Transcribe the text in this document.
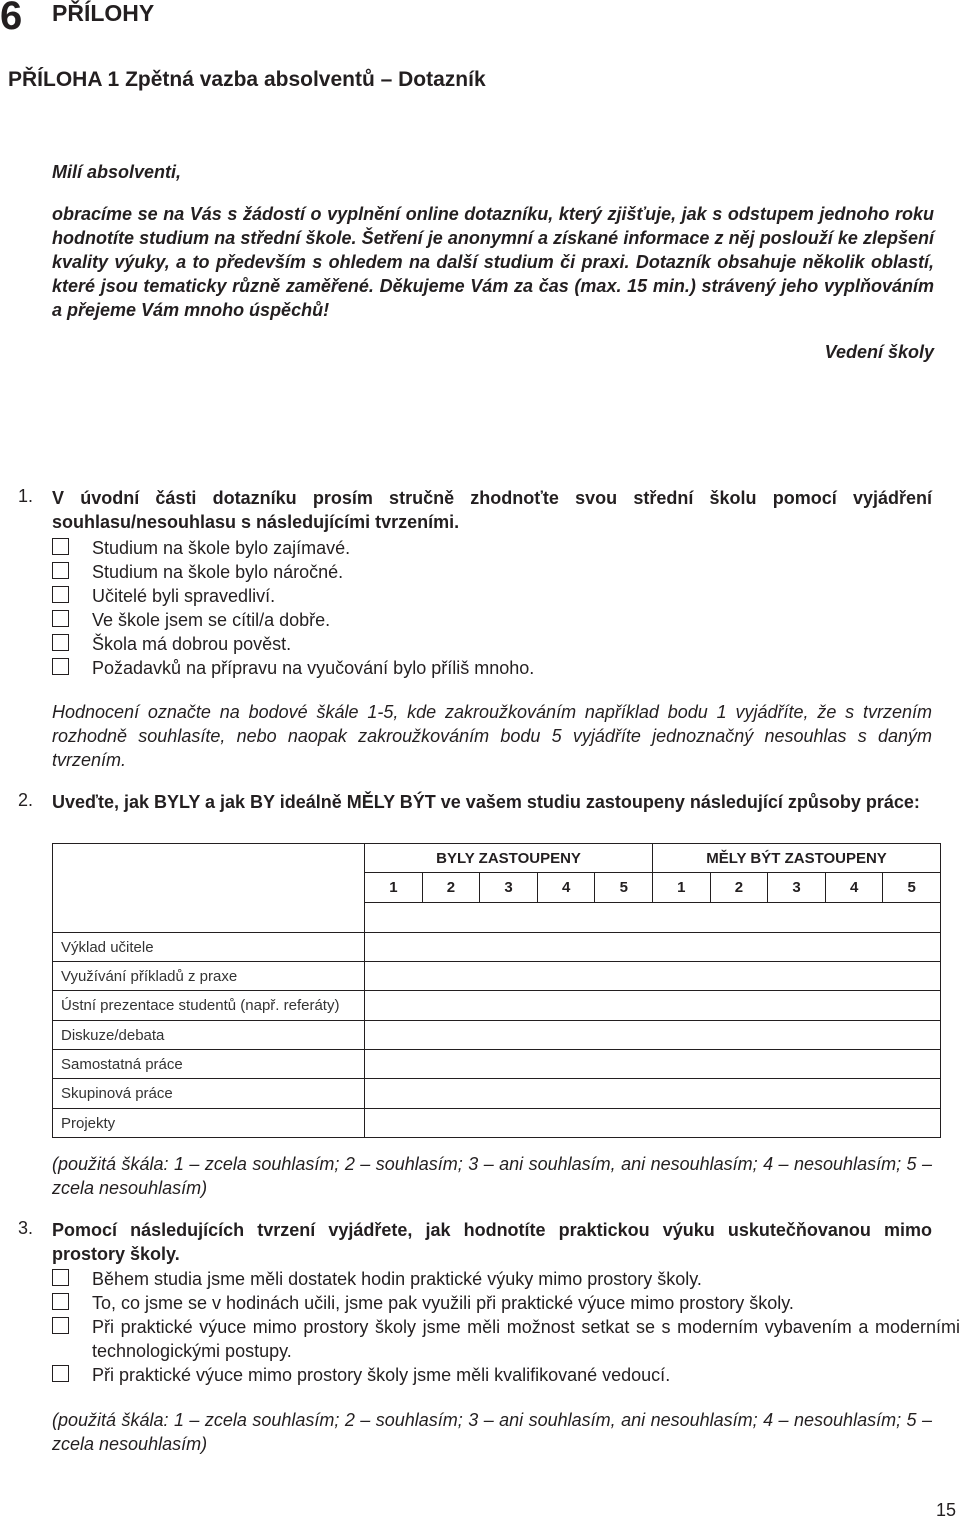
6 PŘÍLOHY
PŘÍLOHA 1 Zpětná vazba absolventů – Dotazník
Milí absolventi,
obracíme se na Vás s žádostí o vyplnění online dotazníku, který zjišťuje, jak s odstupem jednoho roku hodnotíte studium na střední škole. Šetření je anonymní a získané informace z něj poslouží ke zlepšení kvality výuky, a to především s ohledem na další studium či praxi. Dotazník obsahuje několik oblastí, které jsou tematicky různě zaměřené. Děkujeme Vám za čas (max. 15 min.) strávený jeho vyplňováním a přejeme Vám mnoho úspěchů!
Vedení školy
1. V úvodní části dotazníku prosím stručně zhodnoťte svou střední školu pomocí vyjádření souhlasu/nesouhlasu s následujícími tvrzeními.
Studium na škole bylo zajímavé.
Studium na škole bylo náročné.
Učitelé byli spravedliví.
Ve škole jsem se cítil/a dobře.
Škola má dobrou pověst.
Požadavků na přípravu na vyučování bylo příliš mnoho.
Hodnocení označte na bodové škále 1-5, kde zakroužkováním například bodu 1 vyjádříte, že s tvrzením rozhodně souhlasíte, nebo naopak zakroužkováním bodu 5 vyjádříte jednoznačný nesouhlas s daným tvrzením.
2. Uveďte, jak BYLY a jak BY ideálně MĚLY BÝT ve vašem studiu zastoupeny následující způsoby práce:
	BYLY ZASTOUPENY					MĚLY BÝT ZASTOUPENY				
	1	2	3	4	5	1	2	3	4	5

Výklad učitele										
Využívání příkladů z praxe										
Ústní prezentace studentů (např. referáty)										
Diskuze/debata										
Samostatná práce										
Skupinová práce										
Projekty										
(použitá škála: 1 – zcela souhlasím; 2 – souhlasím; 3 – ani souhlasím, ani nesouhlasím; 4 – nesouhlasím; 5 – zcela nesouhlasím)
3. Pomocí následujících tvrzení vyjádřete, jak hodnotíte praktickou výuku uskutečňovanou mimo prostory školy.
Během studia jsme měli dostatek hodin praktické výuky mimo prostory školy.
To, co jsme se v hodinách učili, jsme pak využili při praktické výuce mimo prostory školy.
Při praktické výuce mimo prostory školy jsme měli možnost setkat se s moderním vybavením a moderními technologickými postupy.
Při praktické výuce mimo prostory školy jsme měli kvalifikované vedoucí.
(použitá škála: 1 – zcela souhlasím; 2 – souhlasím; 3 – ani souhlasím, ani nesouhlasím; 4 – nesouhlasím; 5 – zcela nesouhlasím)
15
